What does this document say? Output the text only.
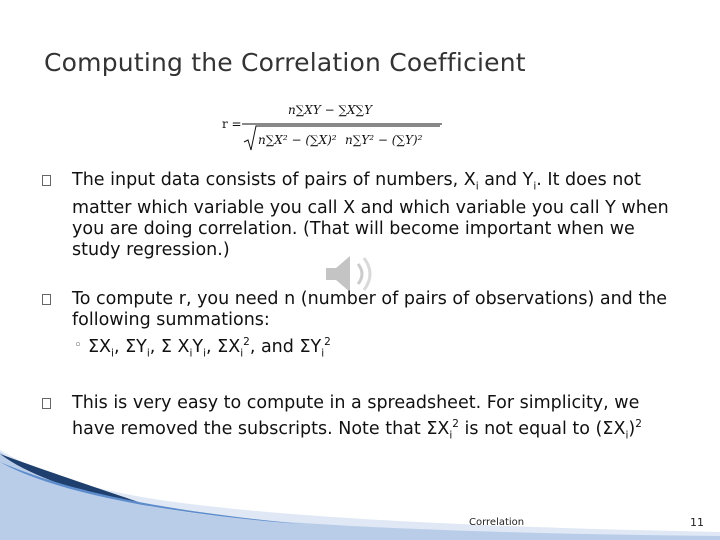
Computing the Correlation Coefficient
r =
n∑XY − ∑X∑Y
n∑X² − (∑X)² n∑Y² − (∑Y)²
The input data consists of pairs of numbers, $X_i$ and $Y_i$. It does not matter which variable you call X and which variable you call Y when you are doing correlation. (That will become important when we study regression.)
To compute r, you need n (number of pairs of observations) and the following summations:
◦ $\Sigma X_i$, $\Sigma Y_i$, Σ $X_iY_i$, $\Sigma X_i^2$, and $\Sigma Y_i^2$
This is very easy to compute in a spreadsheet. For simplicity, we have removed the subscripts. Note that $\Sigma X_i^2$ is not equal to $(\Sigma X_i)^2$
Correlation	11
